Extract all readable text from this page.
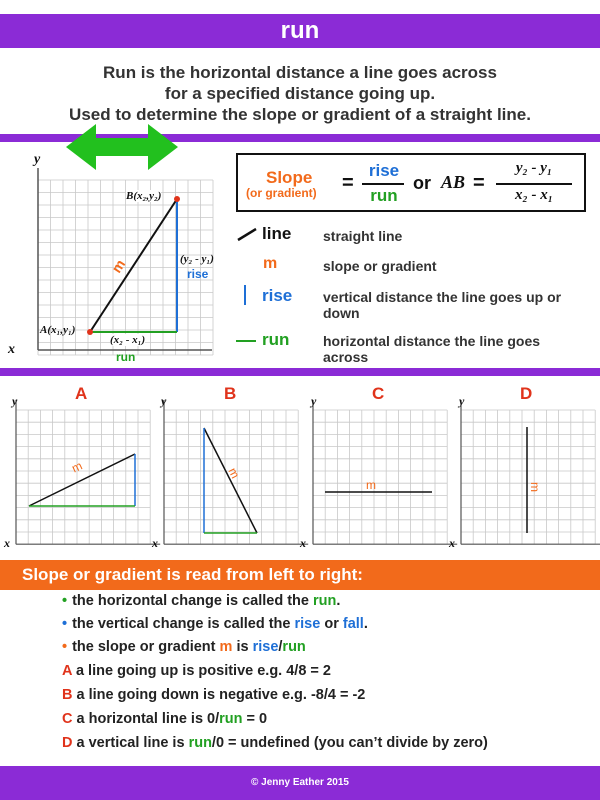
run
Run is the horizontal distance a line goes across
for a specified distance going up.
Used to determine the slope or gradient of a straight line.
x
y
A(x₁,y₁)
B(x₂,y₂)
m	(y₂ - y₁)
rise
(x₂ - x₁)
run
Slope
(or gradient) =
rise
run
or AB =
y₂ - y₁
x₂ - x₁
line straight line
m	slope or gradient
rise vertical distance the line goes up or down
run horizontal distance the line goes across
A	B	C	D
m	m
m	m
x
y
x
y
x
y
x
y
Slope or gradient is read from left to right:
• the horizontal change is called the run.
• the vertical change is called the rise or fall.
• the slope or gradient m is rise/run
A a line going up is positive e.g. 4/8 = 2
B a line going down is negative e.g. -8/4 = -2
C a horizontal line is 0/run = 0
D a vertical line is run/0 = undefined (you can’t divide by zero)
© Jenny Eather 2015
